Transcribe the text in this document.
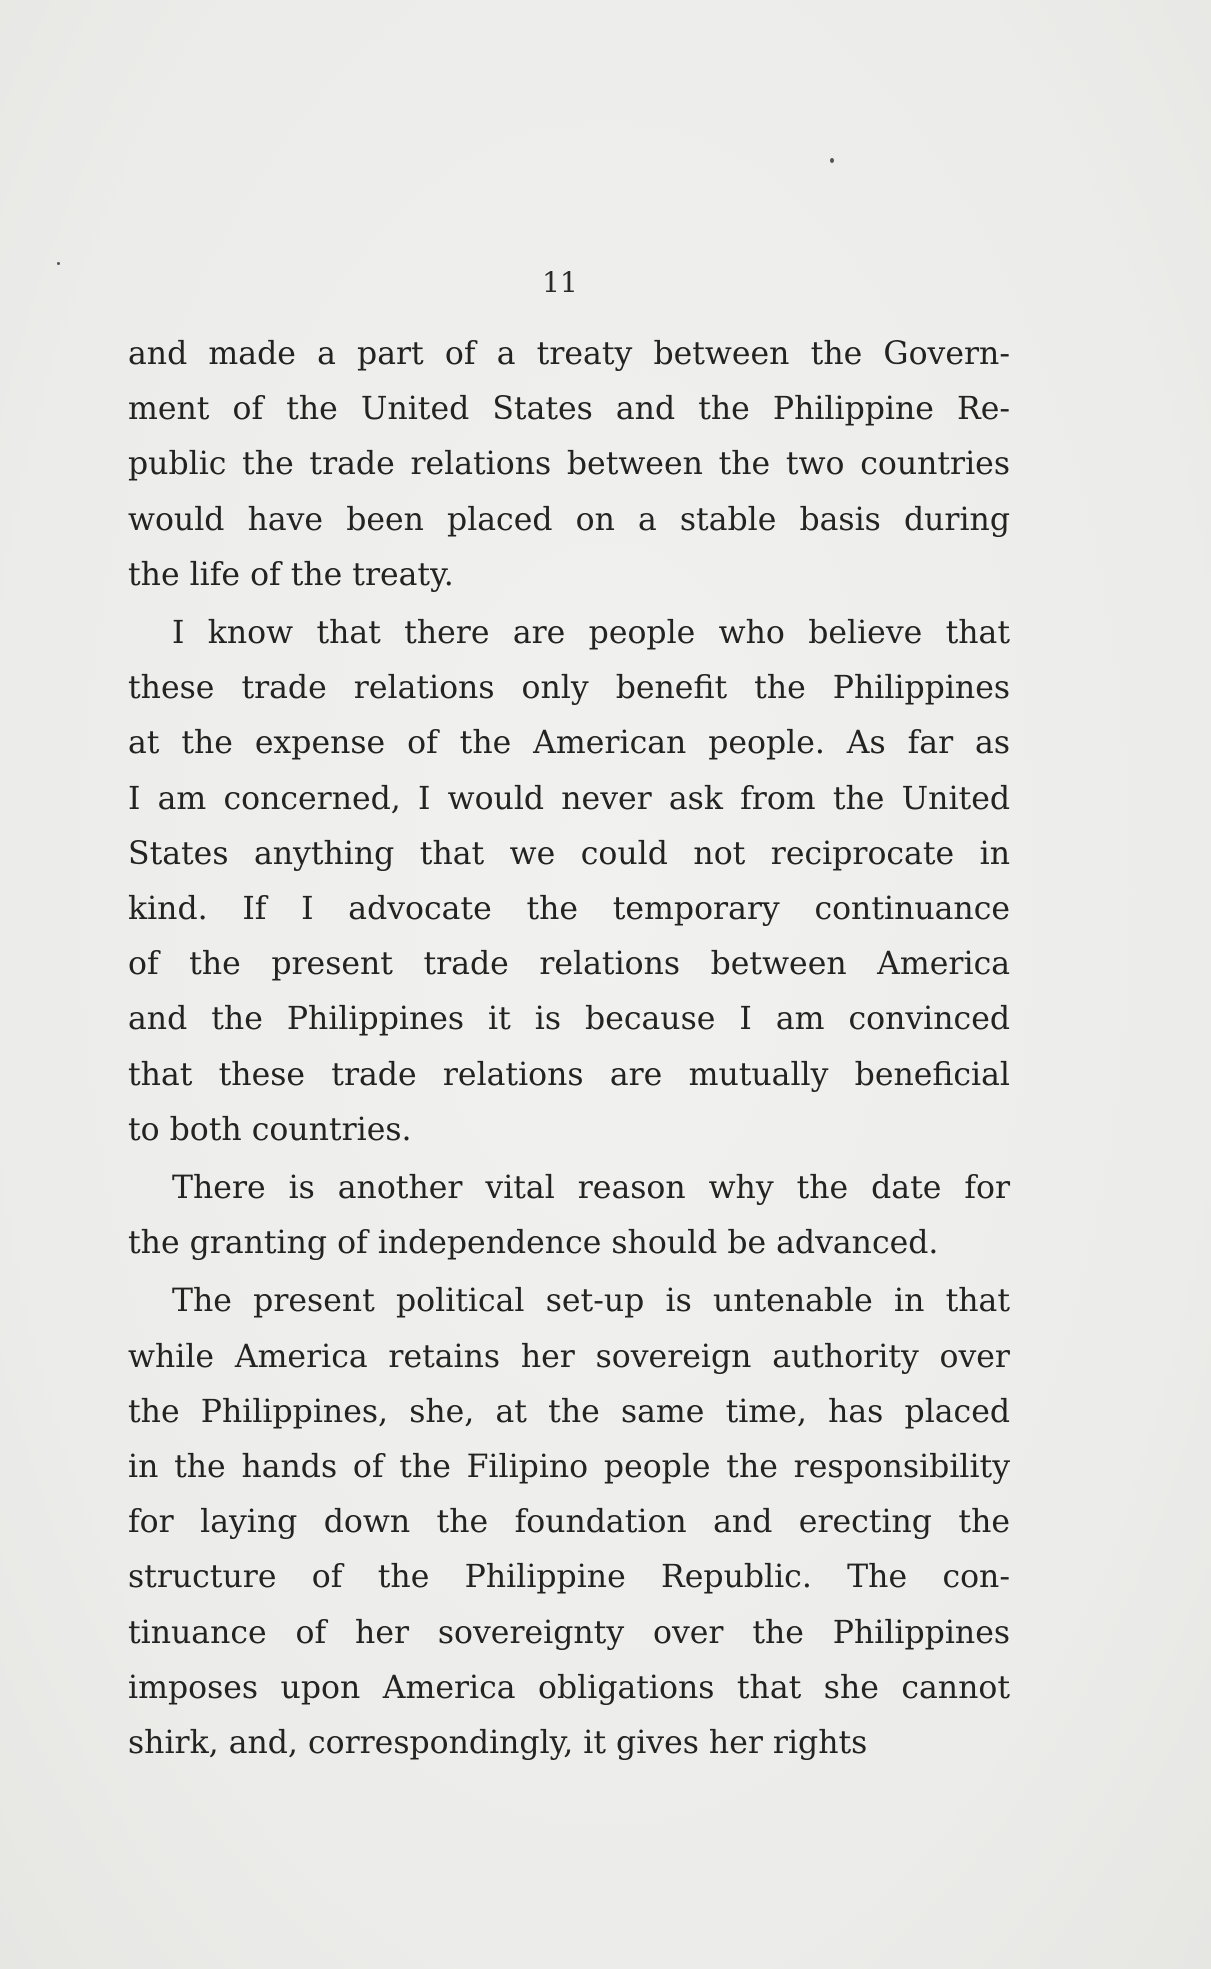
11

and made a part of a treaty between the Govern-
ment of the United States and the Philippine Re-
public the trade relations between the two countries
would have been placed on a stable basis during
the life of the treaty.

I know that there are people who believe that
these trade relations only benefit the Philippines
at the expense of the American people. As far as
I am concerned, I would never ask from the United
States anything that we could not reciprocate in
kind. If I advocate the temporary continuance
of the present trade relations between America
and the Philippines it is because I am convinced
that these trade relations are mutually beneficial
to both countries.

There is another vital reason why the date for
the granting of independence should be advanced.

The present political set-up is untenable in that
while America retains her sovereign authority over
the Philippines, she, at the same time, has placed
in the hands of the Filipino people the responsibility
for laying down the foundation and erecting the
structure of the Philippine Republic. The con-
tinuance of her sovereignty over the Philippines
imposes upon America obligations that she cannot
shirk, and, correspondingly, it gives her rights
